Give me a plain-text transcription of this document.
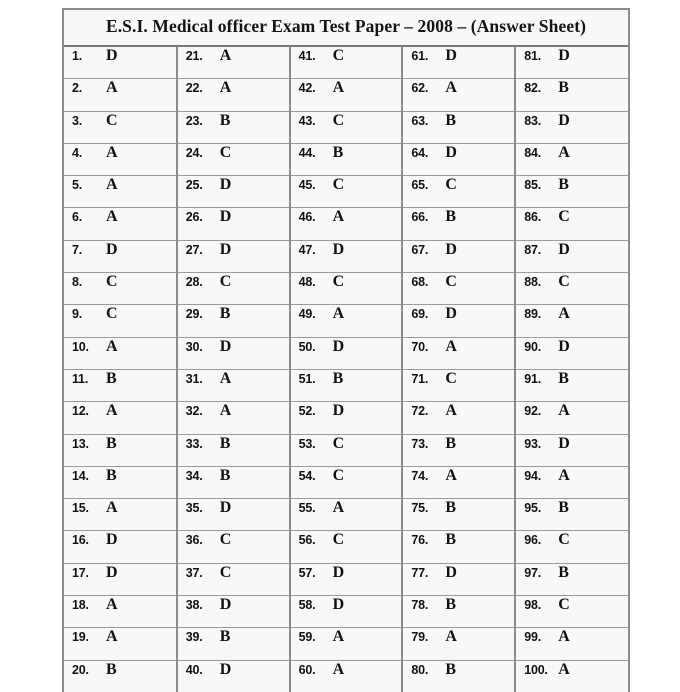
E.S.I. Medical officer Exam Test Paper – 2008 – (Answer Sheet)				

1. D	21. A	41. C	61. D	81. D

2. A	22. A	42. A	62. A	82. B

3. C	23. B	43. C	63. B	83. D

4. A	24. C	44. B	64. D	84. A

5. A	25. D	45. C	65. C	85. B

6. A	26. D	46. A	66. B	86. C

7. D	27. D	47. D	67. D	87. D

8. C	28. C	48. C	68. C	88. C

9. C	29. B	49. A	69. D	89. A

10. A	30. D	50. D	70. A	90. D

11. B	31. A	51. B	71. C	91. B

12. A	32. A	52. D	72. A	92. A

13. B	33. B	53. C	73. B	93. D

14. B	34. B	54. C	74. A	94. A

15. A	35. D	55. A	75. B	95. B

16. D	36. C	56. C	76. B	96. C

17. D	37. C	57. D	77. D	97. B

18. A	38. D	58. D	78. B	98. C

19. A	39. B	59. A	79. A	99. A

20. B	40. D	60. A	80. B	100. A
